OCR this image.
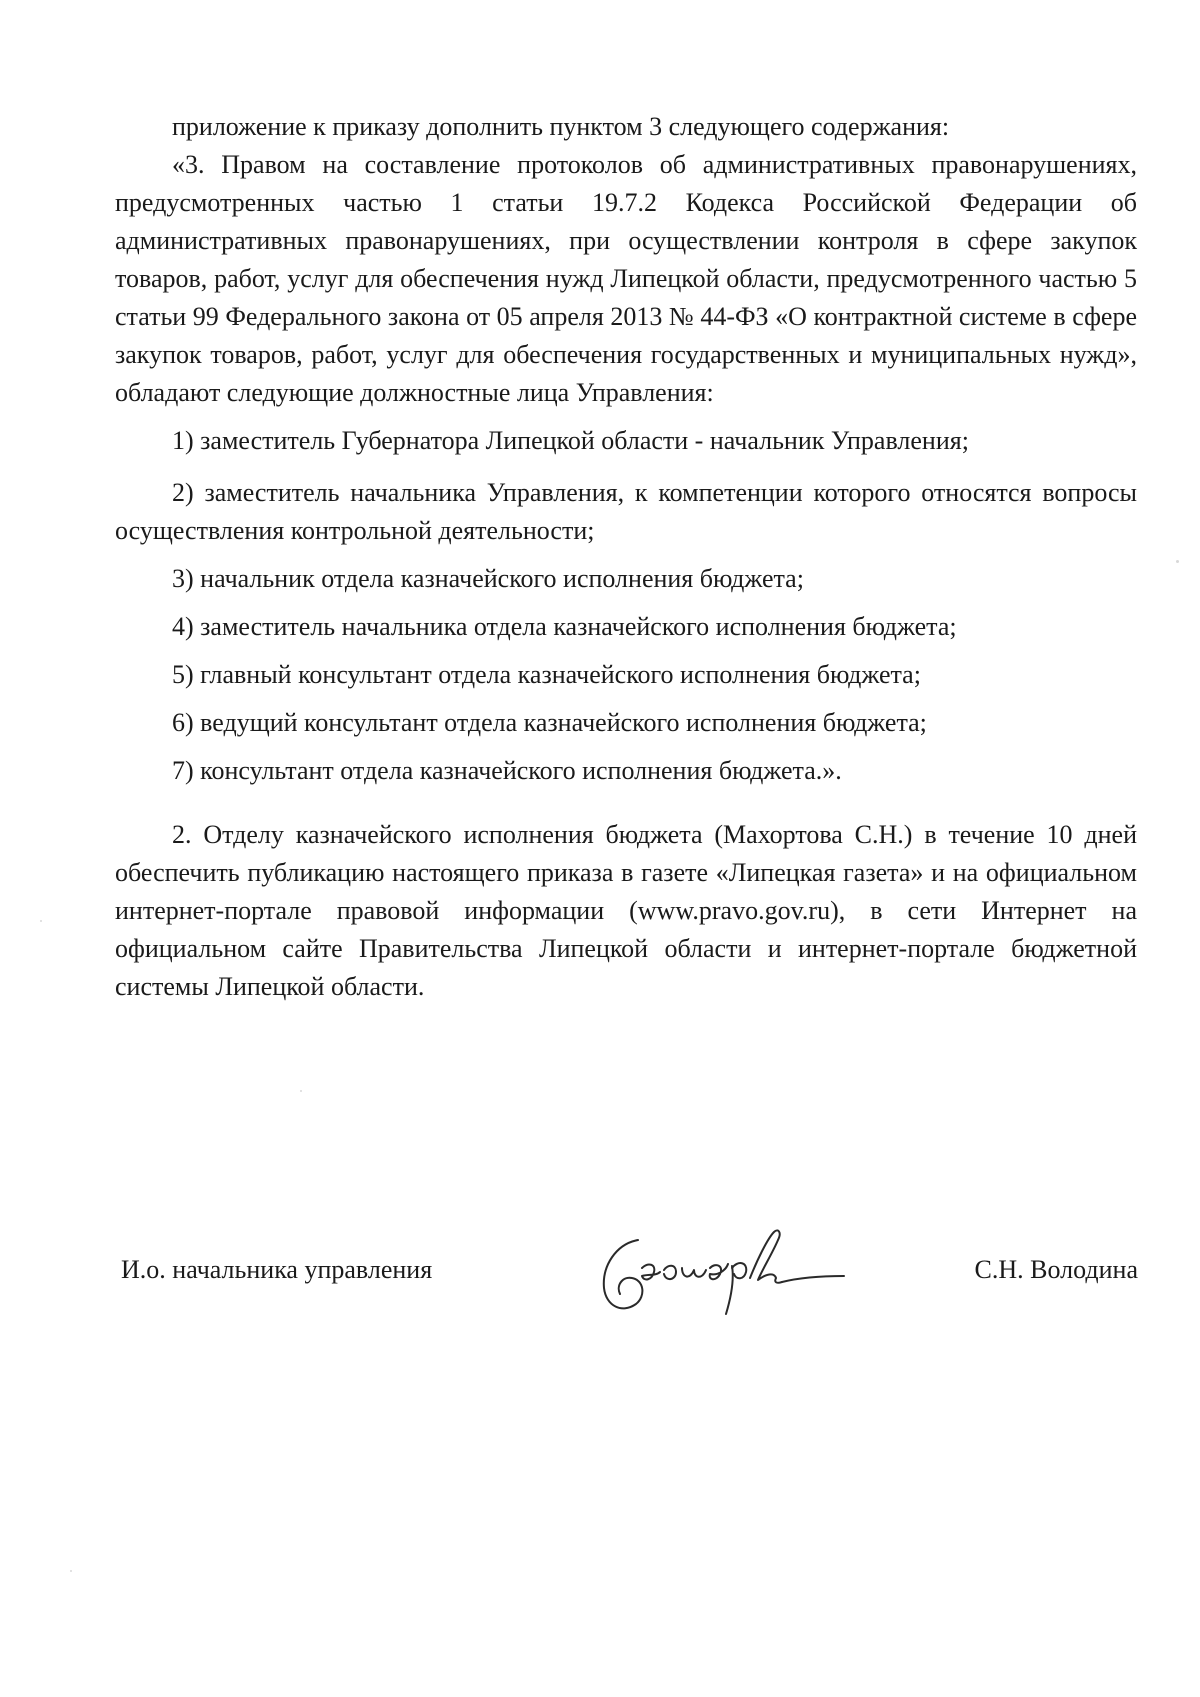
приложение к приказу дополнить пунктом 3 следующего содержания:

«3. Правом на составление протоколов об административных правонарушениях, предусмотренных частью 1 статьи 19.7.2 Кодекса Российской Федерации об административных правонарушениях, при осуществлении контроля в сфере закупок товаров, работ, услуг для обеспечения нужд Липецкой области, предусмотренного частью 5 статьи 99 Федерального закона от 05 апреля 2013 № 44-ФЗ «О контрактной системе в сфере закупок товаров, работ, услуг для обеспечения государственных и муниципальных нужд», обладают следующие должностные лица Управления:

1) заместитель Губернатора Липецкой области - начальник Управления;

2) заместитель начальника Управления, к компетенции которого относятся вопросы осуществления контрольной деятельности;

3) начальник отдела казначейского исполнения бюджета;

4) заместитель начальника отдела казначейского исполнения бюджета;

5) главный консультант отдела казначейского исполнения бюджета;

6) ведущий консультант отдела казначейского исполнения бюджета;

7) консультант отдела казначейского исполнения бюджета.».

2. Отделу казначейского исполнения бюджета (Махортова С.Н.) в течение 10 дней обеспечить публикацию настоящего приказа в газете «Липецкая газета» и на официальном интернет-портале правовой информации (www.pravo.gov.ru), в сети Интернет на официальном сайте Правительства Липецкой области и интернет-портале бюджетной системы Липецкой области.

И.о. начальника управления	С.Н. Володина
